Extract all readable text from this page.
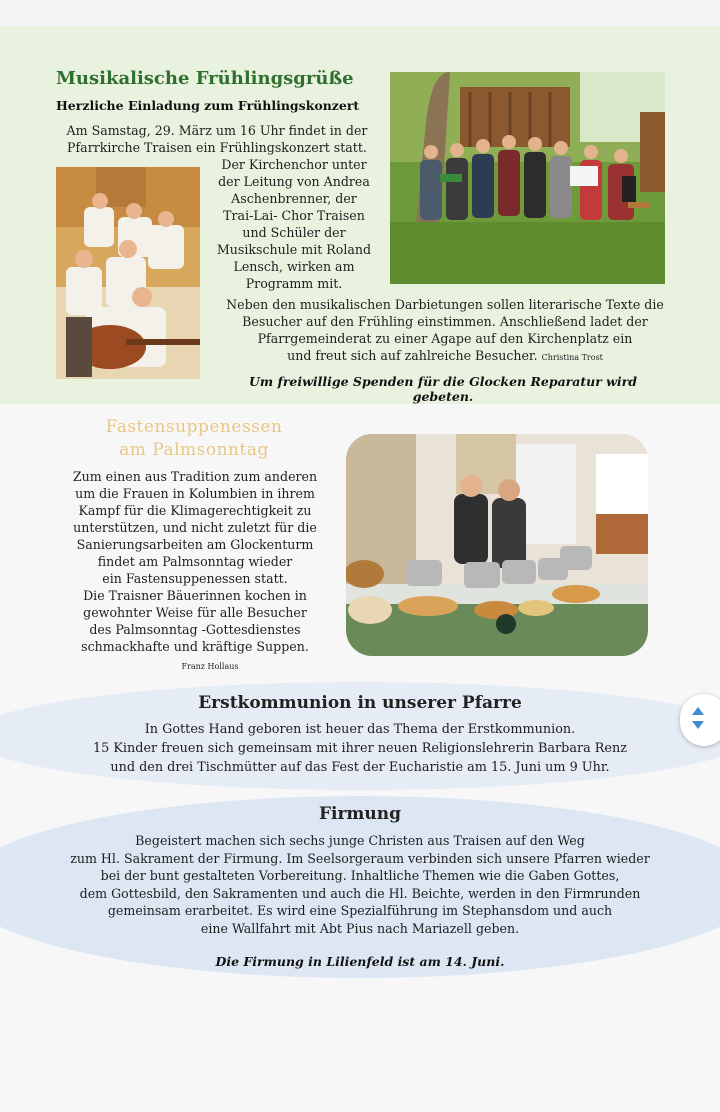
Musikalische Frühlingsgrüße
Herzliche Einladung zum Frühlingskonzert
Am Samstag, 29. März um 16 Uhr findet in der
Pfarrkirche Traisen ein Frühlingskonzert statt.
Der Kirchenchor unter
der Leitung von Andrea
Aschenbrenner, der
Trai-Lai- Chor Traisen
und Schüler der
Musikschule mit Roland
Lensch, wirken am
Programm mit.
Neben den musikalischen Darbietungen sollen literarische Texte die
Besucher auf den Frühling einstimmen. Anschließend ladet der
Pfarrgemeinderat zu einer Agape auf den Kirchenplatz ein
und freut sich auf zahlreiche Besucher. Christina Trost
Um freiwillige Spenden für die Glocken Reparatur wird gebeten.
Fastensuppenessen
am Palmsonntag
Zum einen aus Tradition zum anderen
um die Frauen in Kolumbien in ihrem
Kampf für die Klimagerechtigkeit zu
unterstützen, und nicht zuletzt für die
Sanierungsarbeiten am Glockenturm
findet am Palmsonntag wieder
ein Fastensuppenessen statt.
Die Traisner Bäuerinnen kochen in
gewohnter Weise für alle Besucher
des Palmsonntag -Gottesdienstes
schmackhafte und kräftige Suppen.
Franz Hollaus
Erstkommunion in unserer Pfarre
In Gottes Hand geboren ist heuer das Thema der Erstkommunion.
15 Kinder freuen sich gemeinsam mit ihrer neuen Religionslehrerin Barbara Renz
und den drei Tischmütter auf das Fest der Eucharistie am 15. Juni um 9 Uhr.
Firmung
Begeistert machen sich sechs junge Christen aus Traisen auf den Weg
zum Hl. Sakrament der Firmung. Im Seelsorgeraum verbinden sich unsere Pfarren wieder
bei der bunt gestalteten Vorbereitung. Inhaltliche Themen wie die Gaben Gottes,
dem Gottesbild, den Sakramenten und auch die Hl. Beichte, werden in den Firmrunden
gemeinsam erarbeitet. Es wird eine Spezialführung im Stephansdom und auch
eine Wallfahrt mit Abt Pius nach Mariazell geben.
Die Firmung in Lilienfeld ist am 14. Juni.
